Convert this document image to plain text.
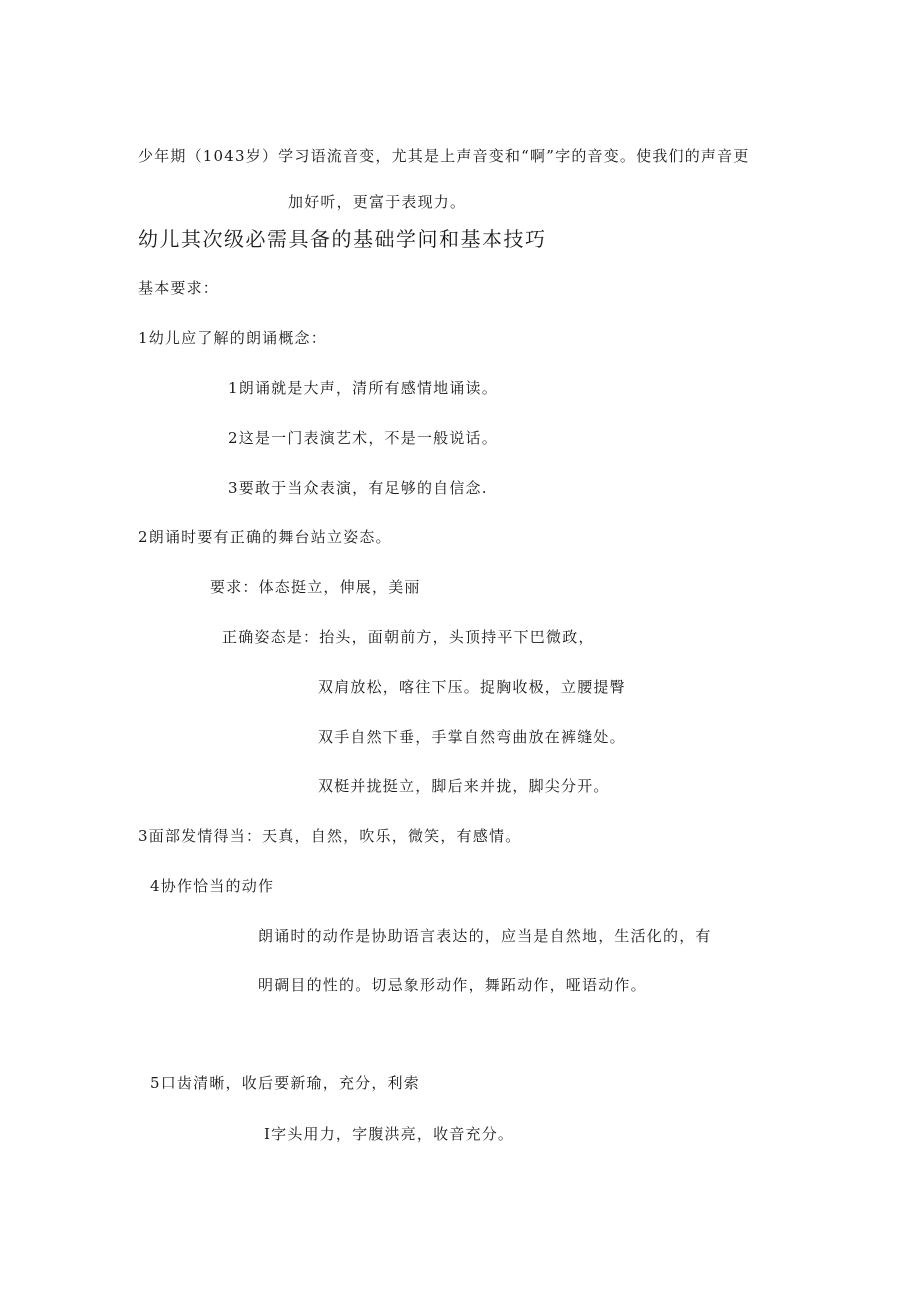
少年期（1043岁）学习语流音变，尤其是上声音变和“啊”字的音变。使我们的声音更
加好听，更富于表现力。
幼儿其次级必需具备的基础学问和基本技巧
基本要求：
1幼儿应了解的朗诵概念：
1朗诵就是大声，清所有感情地诵读。
2这是一门表演艺术，不是一般说话。
3要敢于当众表演，有足够的自信念.
2朗诵时要有正确的舞台站立姿态。
要求：体态挺立，伸展，美丽
正确姿态是：抬头，面朝前方，头顶持平下巴微政，
双肩放松，喀往下压。捉胸收极，立腰提臀
双手自然下垂，手掌自然弯曲放在裤缝处。
双梃并拢挺立，脚后来并拢，脚尖分开。
3面部发情得当：天真，自然，吹乐，微笑，有感情。
4协作恰当的动作
朗诵时的动作是协助语言表达的，应当是自然地，生活化的，有
明碉目的性的。切忌象形动作，舞跖动作，哑语动作。
5口齿清晰，收后要新瑜，充分，利索
I字头用力，字腹洪亮，收音充分。
